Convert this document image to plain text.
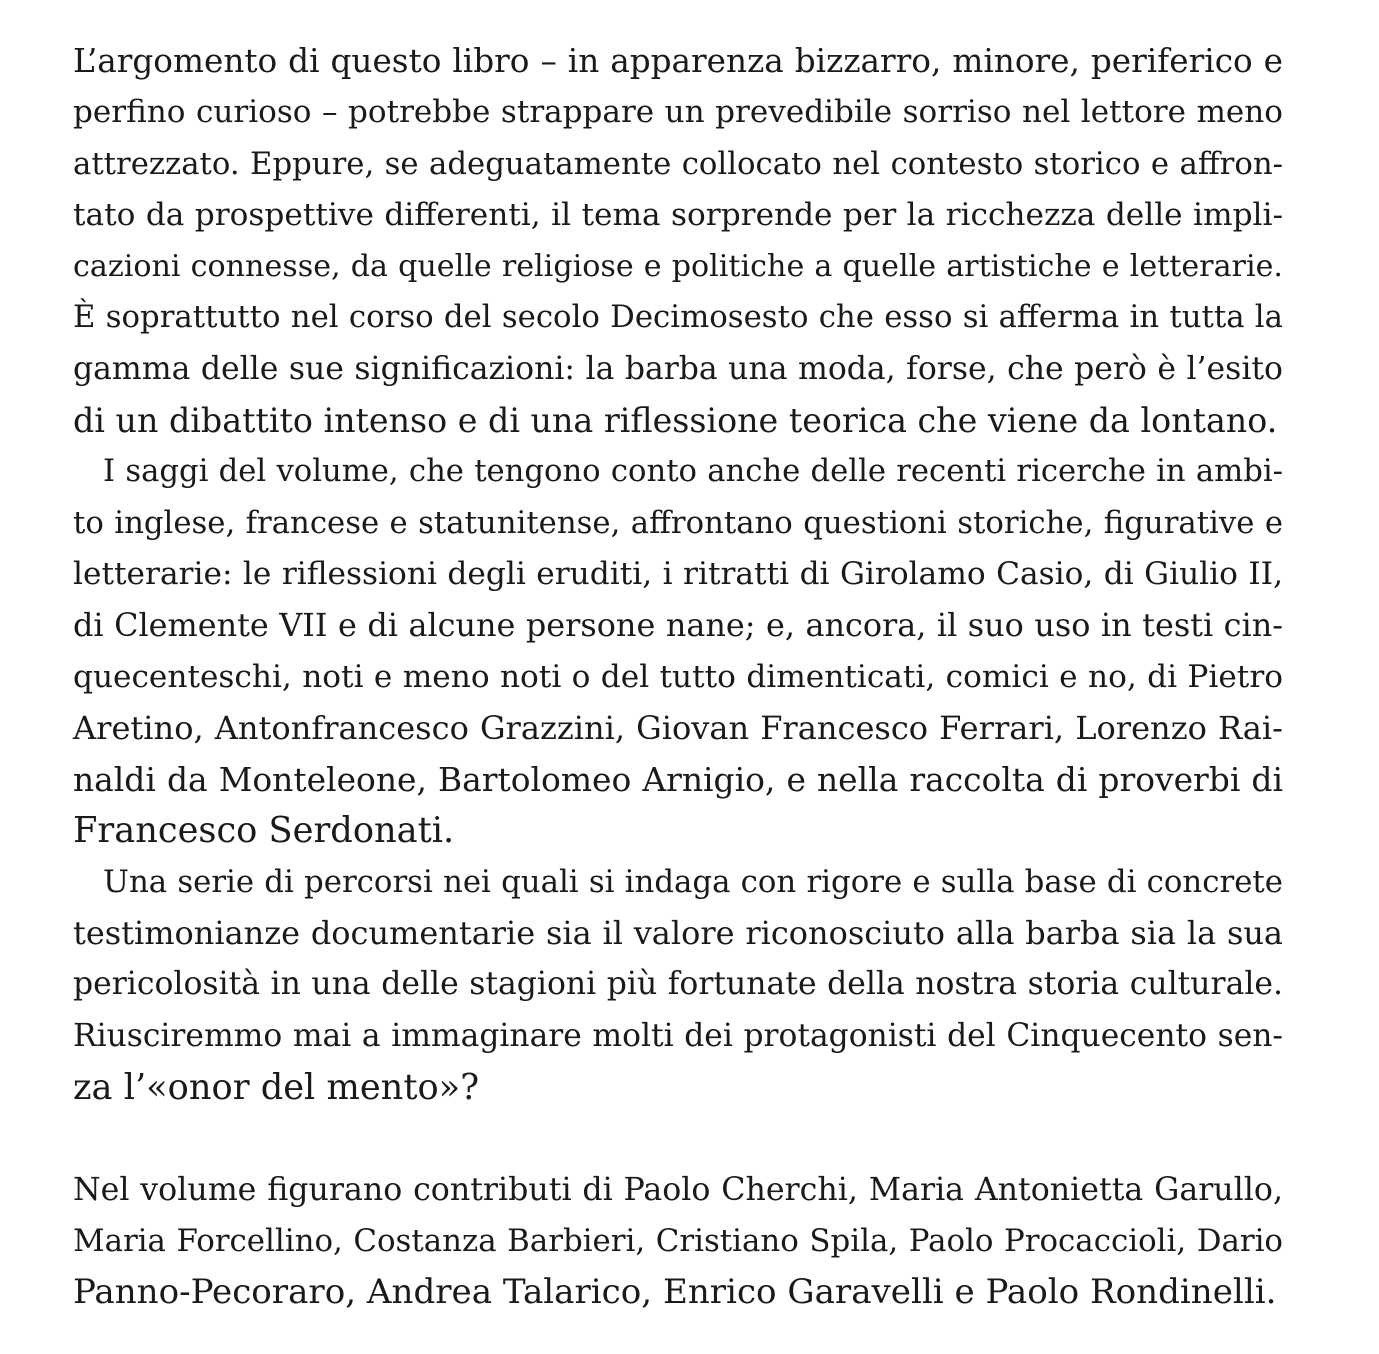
L’argomento di questo libro – in apparenza bizzarro, minore, periferico e
perfino curioso – potrebbe strappare un prevedibile sorriso nel lettore meno
attrezzato. Eppure, se adeguatamente collocato nel contesto storico e affron-
tato da prospettive differenti, il tema sorprende per la ricchezza delle impli-
cazioni connesse, da quelle religiose e politiche a quelle artistiche e letterarie.
È soprattutto nel corso del secolo Decimosesto che esso si afferma in tutta la
gamma delle sue significazioni: la barba una moda, forse, che però è l’esito
di un dibattito intenso e di una riflessione teorica che viene da lontano.

I saggi del volume, che tengono conto anche delle recenti ricerche in ambi-
to inglese, francese e statunitense, affrontano questioni storiche, figurative e
letterarie: le riflessioni degli eruditi, i ritratti di Girolamo Casio, di Giulio II,
di Clemente VII e di alcune persone nane; e, ancora, il suo uso in testi cin-
quecenteschi, noti e meno noti o del tutto dimenticati, comici e no, di Pietro
Aretino, Antonfrancesco Grazzini, Giovan Francesco Ferrari, Lorenzo Rai-
naldi da Monteleone, Bartolomeo Arnigio, e nella raccolta di proverbi di
Francesco Serdonati.

Una serie di percorsi nei quali si indaga con rigore e sulla base di concrete
testimonianze documentarie sia il valore riconosciuto alla barba sia la sua
pericolosità in una delle stagioni più fortunate della nostra storia culturale.
Riusciremmo mai a immaginare molti dei protagonisti del Cinquecento sen-
za l’«onor del mento»?

Nel volume figurano contributi di Paolo Cherchi, Maria Antonietta Garullo,
Maria Forcellino, Costanza Barbieri, Cristiano Spila, Paolo Procaccioli, Dario
Panno-Pecoraro, Andrea Talarico, Enrico Garavelli e Paolo Rondinelli.
